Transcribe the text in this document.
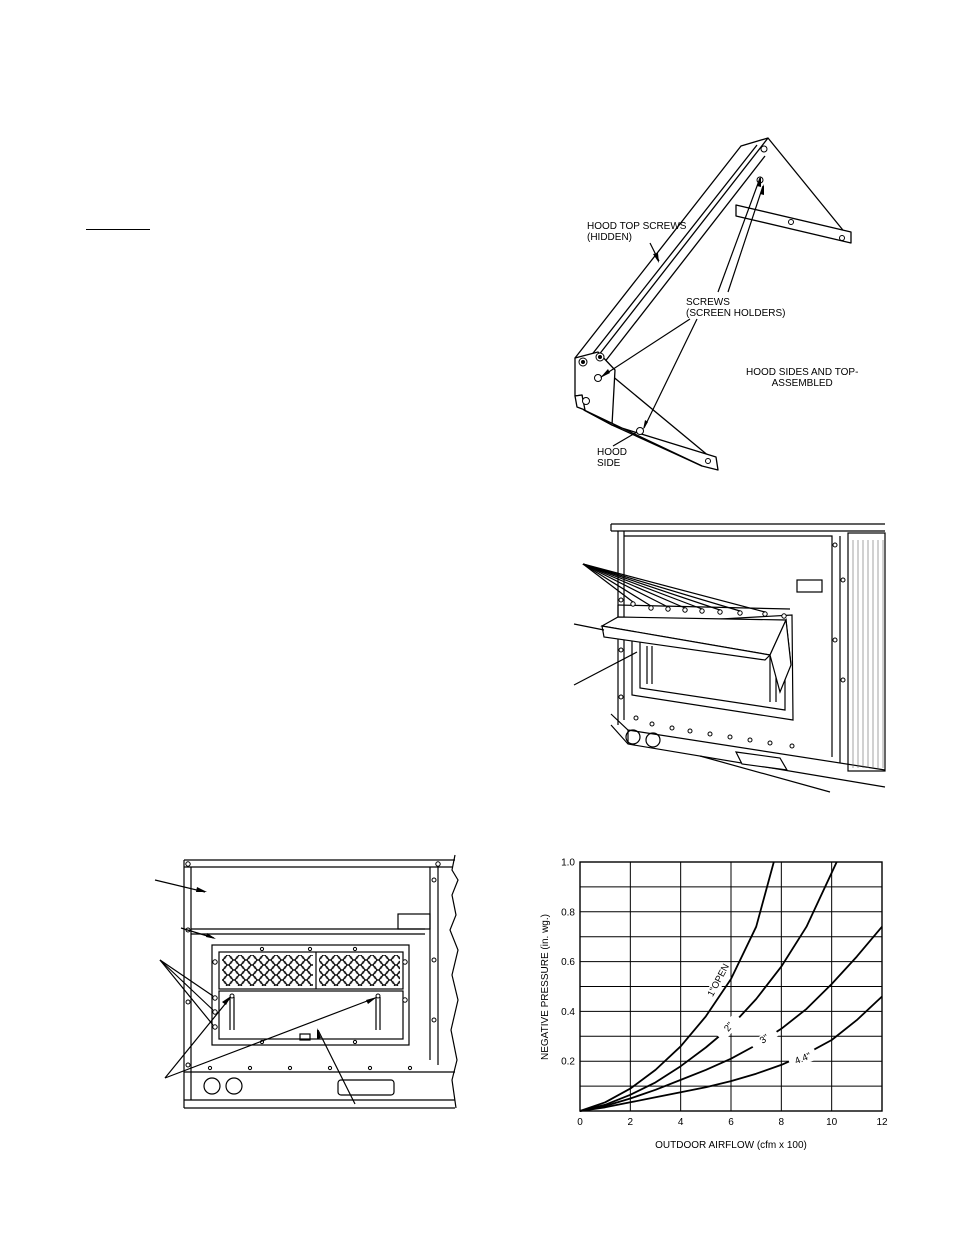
HOOD TOP SCREWS
(HIDDEN)
SCREWS
(SCREEN HOLDERS)
HOOD SIDES AND TOP-
ASSEMBLED
HOOD
SIDE
1"OPEN
2"
3"
4.4"
0	2	4	6	8	10	12
0.2
0.4
0.6
0.8
1.0
OUTDOOR AIRFLOW (cfm x 100)
NEGATIVE PRESSURE (in. wg.)
